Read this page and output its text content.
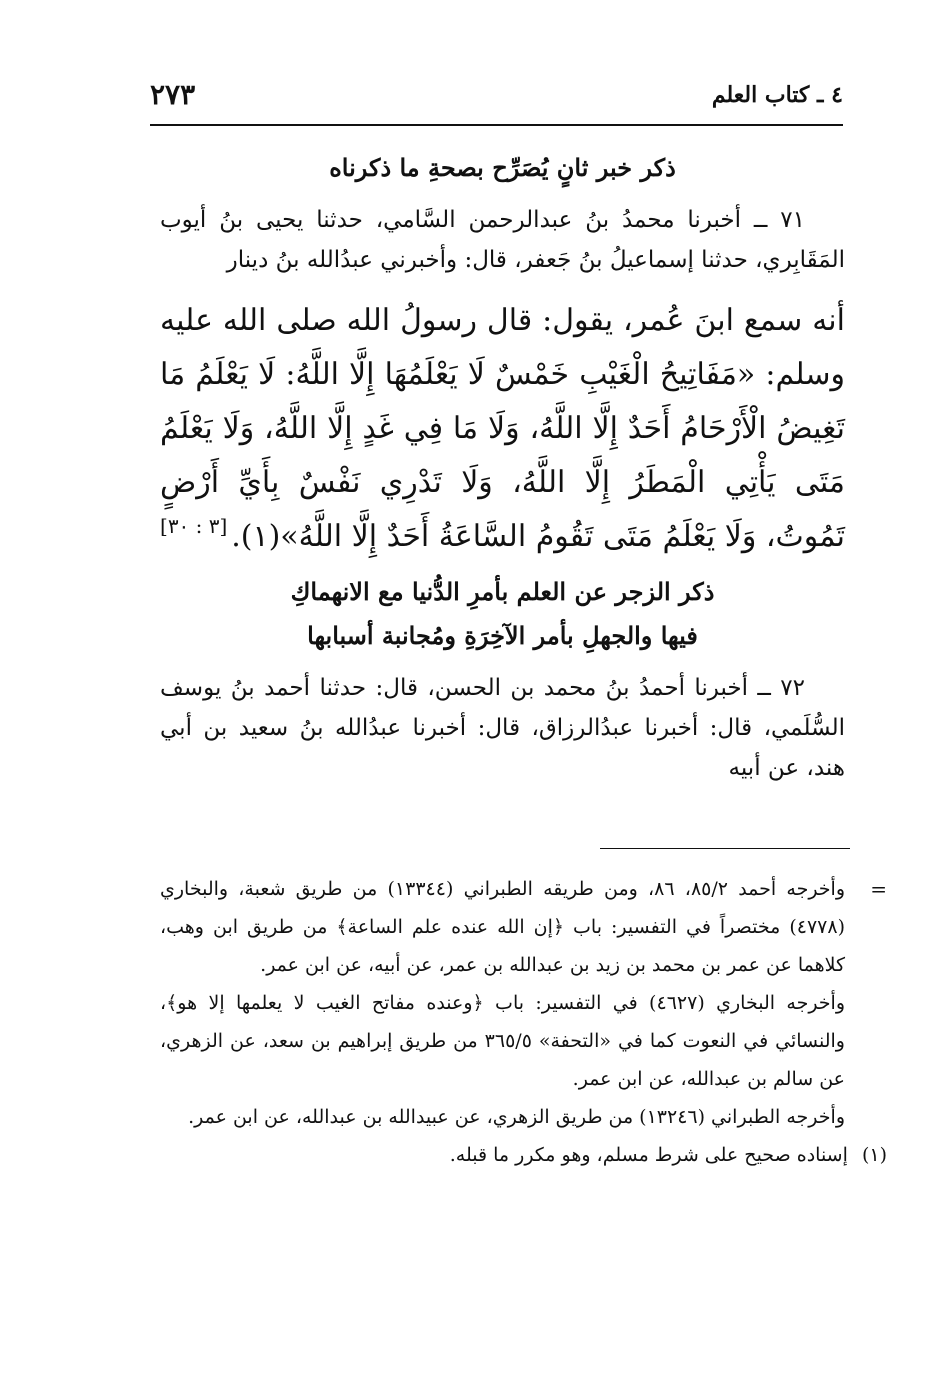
٤ ـ كتاب العلم
٢٧٣

ذكر خبر ثانٍ يُصَرِّح بصحةِ ما ذكرناه

٧١ ــ أخبرنا محمدُ بنُ عبدالرحمن السَّامي، حدثنا يحيى بنُ أيوب المَقَابِري، حدثنا إسماعيلُ بنُ جَعفر، قال: وأخبرني عبدُالله بنُ دينار

أنه سمع ابنَ عُمر، يقول: قال رسولُ الله صلى الله عليه وسلم: «مَفَاتِيحُ الْغَيْبِ خَمْسٌ لَا يَعْلَمُهَا إِلَّا اللَّهُ: لَا يَعْلَمُ مَا تَغِيضُ الْأَرْحَامُ أَحَدٌ إِلَّا اللَّهُ، وَلَا مَا فِي غَدٍ إِلَّا اللَّهُ، وَلَا يَعْلَمُ مَتَى يَأْتِي الْمَطَرُ إِلَّا اللَّهُ، وَلَا تَدْرِي نَفْسٌ بِأَيِّ أَرْضٍ تَمُوتُ، وَلَا يَعْلَمُ مَتَى تَقُومُ السَّاعَةُ أَحَدٌ إِلَّا اللَّهُ»(١).

[٣ : ٣٠]

ذكر الزجر عن العلم بأمرِ الدُّنيا مع الانهماكِ

فيها والجهلِ بأمر الآخِرَةِ ومُجانبة أسبابها

٧٢ ــ أخبرنا أحمدُ بنُ محمد بن الحسن، قال: حدثنا أحمد بنُ يوسف السُّلَمي، قال: أخبرنا عبدُالرزاق، قال: أخبرنا عبدُالله بنُ سعيد بن أبي هند، عن أبيه

=
وأخرجه أحمد ٨٥/٢، ٨٦، ومن طريقه الطبراني (١٣٣٤٤) من طريق شعبة، والبخاري (٤٧٧٨) مختصراً في التفسير: باب ﴿إن الله عنده علم الساعة﴾ من طريق ابن وهب، كلاهما عن عمر بن محمد بن زيد بن عبدالله بن عمر، عن أبيه، عن ابن عمر.

وأخرجه البخاري (٤٦٢٧) في التفسير: باب ﴿وعنده مفاتح الغيب لا يعلمها إلا هو﴾، والنسائي في النعوت كما في «التحفة» ٣٦٥/٥ من طريق إبراهيم بن سعد، عن الزهري، عن سالم بن عبدالله، عن ابن عمر.

وأخرجه الطبراني (١٣٢٤٦) من طريق الزهري، عن عبيدالله بن عبدالله، عن ابن عمر.

(١) إسناده صحيح على شرط مسلم، وهو مكرر ما قبله.
